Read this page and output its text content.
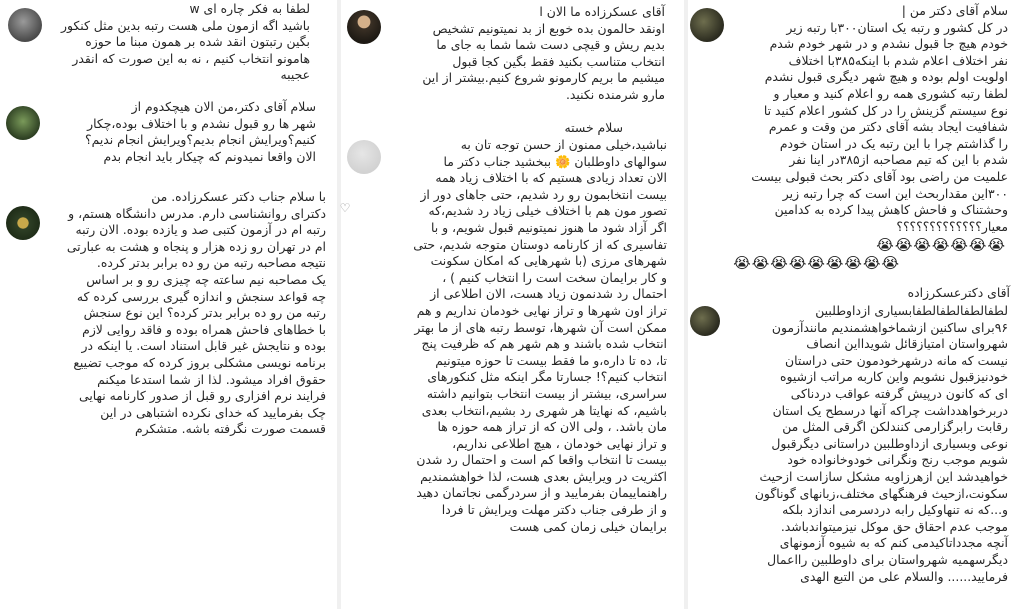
لطفا به فکر چاره ای w
باشید اگه ازمون ملی هست رتبه بدین مثل کنکور
بگین رتبتون انقد شده بر همون مبنا ما حوزه
هامونو انتخاب کنیم ، نه به این صورت که انقدر
عجیبه
سلام آقای دکتر،من الان هیچکدوم از
شهر ها رو قبول نشدم و با اختلاف بوده،چکار
کنیم؟ویرایش انجام بدیم؟ویرایش انجام ندیم؟
الان واقعا نمیدونم که چیکار باید انجام بدم
با سلام جناب دکتر عسکرزاده. من
دکترای روانشناسی دارم. مدرس دانشگاه هستم، و
رتبه ام در آزمون کتبی صد و یازده بوده. الان رتبه
ام در تهران رو زده هزار و پنجاه و هشت به عبارتی
نتیجه مصاحبه رتبه من رو ده برابر بدتر کرده.
یک مصاحبه نیم ساعته چه چیزی رو و بر اساس
چه قواعد سنجش و اندازه گیری بررسی کرده که
رتبه من رو ده برابر بدتر کرده؟ این نوع سنجش
با خطاهای فاحش همراه بوده و فاقد روایی لازم
بوده و نتایجش غیر قابل استناد است. یا اینکه در
برنامه نویسی مشکلی بروز کرده که موجب تضییع
حقوق افراد میشود. لذا از شما استدعا میکنم
فرایند نرم افزاری رو قبل از صدور کارنامه نهایی
چک بفرمایید که خدای نکرده اشتباهی در این
قسمت صورت نگرفته باشه. متشکرم
آقای عسکرزاده ما الان ا
اونقد حالمون بده خوبع از بد نمیتونیم تشخیص
بدیم ریش و قیچی دست شما شما به جای ما
انتخاب متناسب بکنید فقط بگین کجا قبول
میشیم ما بریم کارمونو شروع کنیم.بیشتر از این
مارو شرمنده نکنید.
سلام خسته
♡
نباشید،خیلی ممنون از حسن توجه تان به
سوالهای داوطلبان 🌼 ببخشید جناب دکتر ما
الان تعداد زیادی هستیم که با اختلاف زیاد همه
بیست انتخابمون رو رد شدیم، حتی جاهای دور از
تصور مون هم با اختلاف خیلی زیاد رد شدیم،که
اگر آزاد شود ما هنوز نمیتونیم قبول شویم، و با
تفاسیری که از کارنامه دوستان متوجه شدیم، حتی
شهرهای مرزی (با شهرهایی که امکان سکونت
و کار برایمان سخت است را انتخاب کنیم ) ،
احتمال رد شدنمون زیاد هست، الان اطلاعی از
تراز اون شهرها و تراز نهایی خودمان نداریم و هم
ممکن است آن شهرها، توسط رتبه های از ما بهتر
انتخاب شده باشند و هم شهر هم که ظرفیت پنج
تا، ده تا داره،و ما فقط بیست تا حوزه میتونیم
انتخاب کنیم؟! جسارتا مگر اینکه مثل کنکورهای
سراسری، بیشتر از بیست انتخاب بتوانیم داشته
باشیم، که نهایتا هر شهری رد بشیم،انتخاب بعدی
مان باشد. ، ولی الان که از تراز همه حوزه ها
و تراز نهایی خودمان ، هیچ اطلاعی نداریم،
بیست تا انتخاب واقعا کم است و احتمال رد شدن
اکثریت در ویرایش بعدی هست، لذا خواهشمندیم
راهنماییمان بفرمایید و از سردرگمی نجاتمان دهید
و از طرفی جناب دکتر مهلت ویرایش تا فردا
برایمان خیلی زمان کمی هست
سلام آقای دکتر من |
در کل کشور و رتبه یک استان۳۰۰با رتبه زیر
خودم هیچ جا قبول نشدم و در شهر خودم شدم
نفر اختلاف اعلام شدم با اینکه۳۸۵با اختلاف
اولویت اولم بوده و هیچ شهر دیگری قبول نشدم
لطفا رتبه کشوری همه رو اعلام کنید و معیار و
نوع سیستم گزینش را در کل کشور اعلام کنید تا
شفافیت ایجاد بشه آقای دکتر من وقت و عمرم
را گذاشتم چرا با این رتبه یک در استان خودم
شدم با این که تیم مصاحبه از۳۸۵در اینا نفر
علمیت من راضی بود آقای دکتر بحث قبولی بیست
۳۰۰این مقداربحث این است که چرا رتبه زیر
وحشتناک و فاحش کاهش پیدا کرده به کدامین
معیار؟؟؟؟؟؟؟؟؟؟؟؟؟
😭😭😭😭😭😭😭
😭😭😭😭😭😭😭😭😭
آقای دکترعسکرزاده
لطفالطفالطفالطفابسیاری ازداوطلبین
۹۶برای ساکنین ازشماخواهشمندیم مانندآزمون
شهرواستان امتیازقائل شویدااین انصاف
نیست که مانه درشهرخودمون حتی دراستان
خودنیزقبول نشویم واین کاربه مراتب ازشیوه
ای که کانون درپیش گرفته عواقب دردناکی
دربرخواهدداشت چراکه آنها درسطح یک استان
رقابت رابرگزارمی کنندلکن اگرقی المثل من
نوعی وبسیاری ازداوطلبین دراستانی دیگرقبول
شویم موجب رنج ونگرانی خودوخانواده خود
خواهیدشد این ازهرزاویه مشکل سازاست ازحیث
سکونت،ازحیث فرهنگهای مختلف،زبانهای گوناگون
و...که نه تنهاوکیل رابه دردسرمی اندازد بلکه
موجب عدم احقاق حق موکل نیزمیتواندباشد.
آنچه مجدداتاکیدمی کنم که به شیوه آزمونهای
دیگرسهمیه شهرواستان برای داوطلبین رااعمال
فرمایید...... والسلام علی من التبع الهدی
